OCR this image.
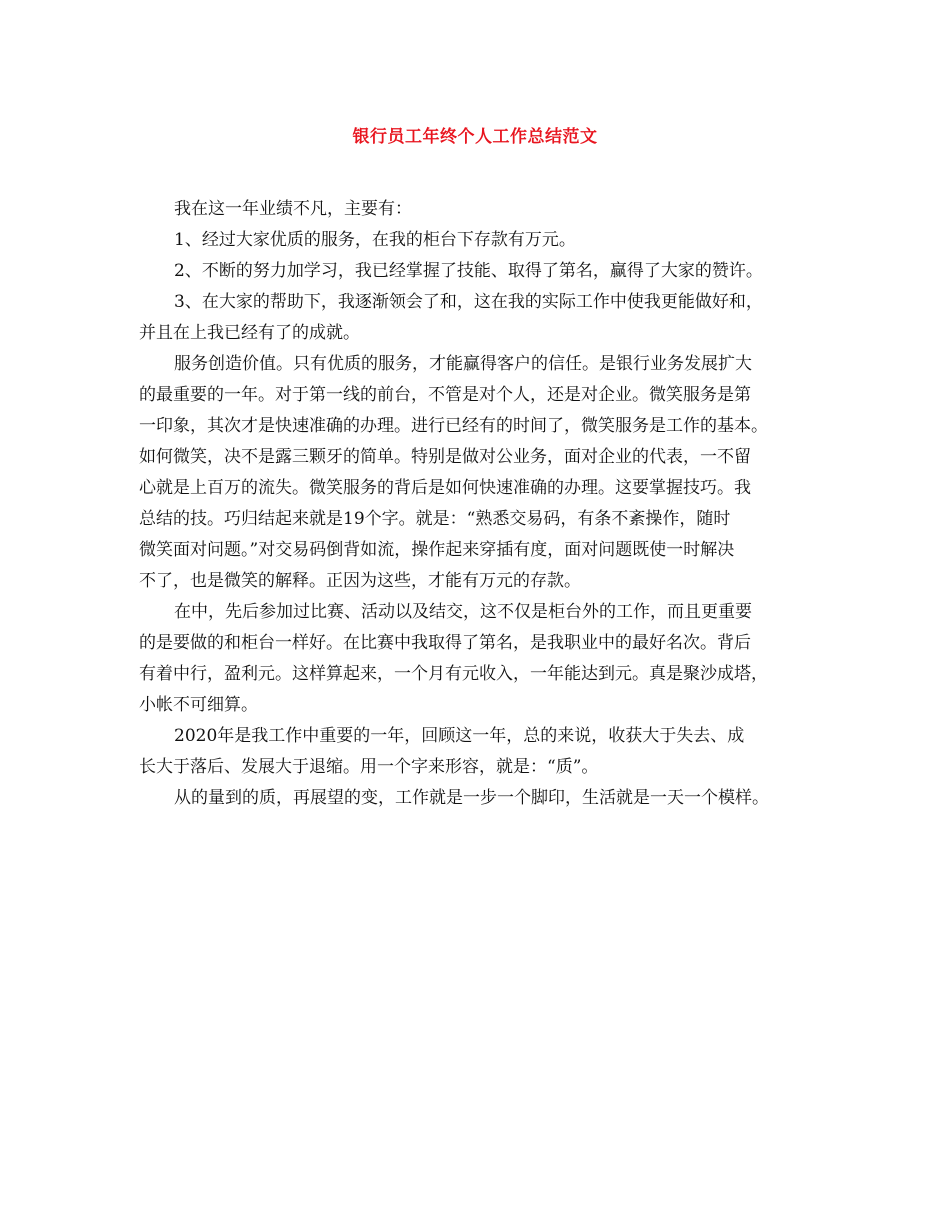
银行员工年终个人工作总结范文
我在这一年业绩不凡，主要有：
1、经过大家优质的服务，在我的柜台下存款有万元。
2、不断的努力加学习，我已经掌握了技能、取得了第名，赢得了大家的赞许。
3、在大家的帮助下，我逐渐领会了和，这在我的实际工作中使我更能做好和，
并且在上我已经有了的成就。
服务创造价值。只有优质的服务，才能赢得客户的信任。是银行业务发展扩大
的最重要的一年。对于第一线的前台，不管是对个人，还是对企业。微笑服务是第
一印象，其次才是快速准确的办理。进行已经有的时间了，微笑服务是工作的基本。
如何微笑，决不是露三颗牙的简单。特别是做对公业务，面对企业的代表，一不留
心就是上百万的流失。微笑服务的背后是如何快速准确的办理。这要掌握技巧。我
总结的技。巧归结起来就是19个字。就是：“熟悉交易码，有条不紊操作，随时
微笑面对问题。”对交易码倒背如流，操作起来穿插有度，面对问题既使一时解决
不了，也是微笑的解释。正因为这些，才能有万元的存款。
在中，先后参加过比赛、活动以及结交，这不仅是柜台外的工作，而且更重要
的是要做的和柜台一样好。在比赛中我取得了第名，是我职业中的最好名次。背后
有着中行，盈利元。这样算起来，一个月有元收入，一年能达到元。真是聚沙成塔，
小帐不可细算。
2020年是我工作中重要的一年，回顾这一年，总的来说，收获大于失去、成
长大于落后、发展大于退缩。用一个字来形容，就是：“质”。
从的量到的质，再展望的变，工作就是一步一个脚印，生活就是一天一个模样。
